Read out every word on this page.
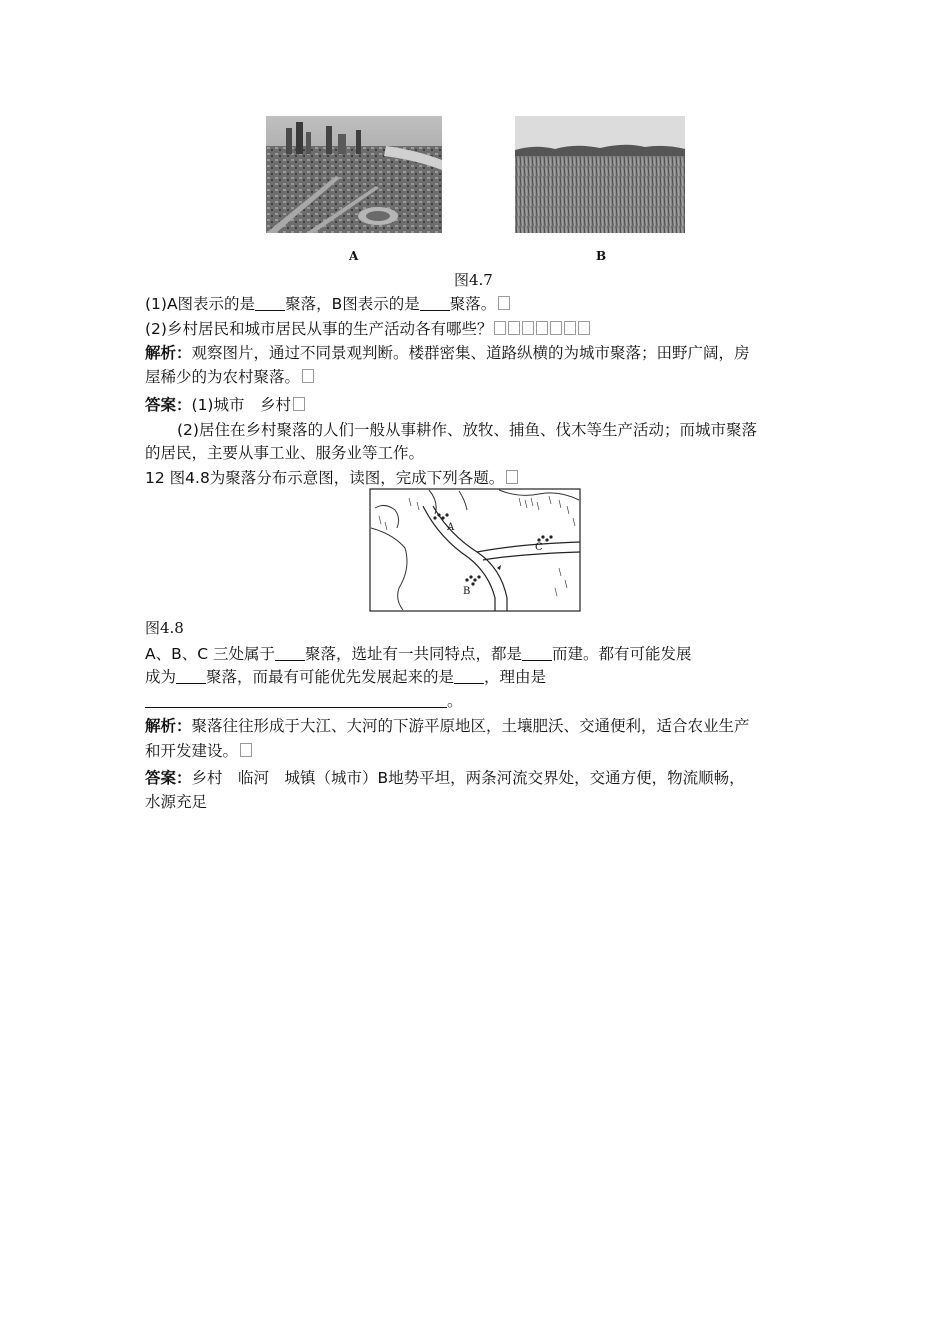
A	B
图4.7
(1)A图表示的是 聚落，B图表示的是 聚落。
(2)乡村居民和城市居民从事的生产活动各有哪些？
解析：观察图片，通过不同景观判断。楼群密集、道路纵横的为城市聚落；田野广阔，房
屋稀少的为农村聚落。
答案：(1)城市　乡村
(2)居住在乡村聚落的人们一般从事耕作、放牧、捕鱼、伐木等生产活动；而城市聚落
的居民，主要从事工业、服务业等工作。
12 图4.8为聚落分布示意图，读图，完成下列各题。
A
B
C
图4.8
A、B、C 三处属于 聚落，选址有一共同特点，都是 而建。都有可能发展
成为 聚落，而最有可能优先发展起来的是 ，理由是
。
解析：聚落往往形成于大江、大河的下游平原地区，土壤肥沃、交通便利，适合农业生产
和开发建设。
答案：乡村　临河　城镇（城市）B地势平坦，两条河流交界处，交通方便，物流顺畅，
水源充足
